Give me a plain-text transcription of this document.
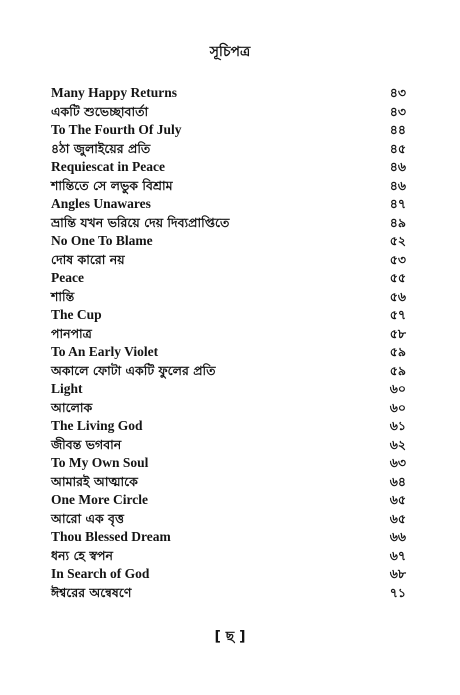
সূচিপত্র
Many Happy Returns	৪৩
একটি শুভেচ্ছাবার্তা	৪৩
To The Fourth Of July	৪৪
৪ঠা জুলাইয়ের প্রতি	৪৫
Requiescat in Peace	৪৬
শান্তিতে সে লভুক বিশ্রাম	৪৬
Angles Unawares	৪৭
ভ্রান্তি যখন ভরিয়ে দেয় দিব্যপ্রাপ্তিতে	৪৯
No One To Blame	৫২
দোষ কারো নয়	৫৩
Peace	৫৫
শান্তি	৫৬
The Cup	৫৭
পানপাত্র	৫৮
To An Early Violet	৫৯
অকালে ফোটা একটি ফুলের প্রতি	৫৯
Light	৬০
আলোক	৬০
The Living God	৬১
জীবন্ত ভগবান	৬২
To My Own Soul	৬৩
আমারই আত্মাকে	৬৪
One More Circle	৬৫
আরো এক বৃত্ত	৬৫
Thou Blessed Dream	৬৬
ধন্য হে স্বপন	৬৭
In Search of God	৬৮
ঈশ্বরের অন্বেষণে	৭১
[ ছ ]
